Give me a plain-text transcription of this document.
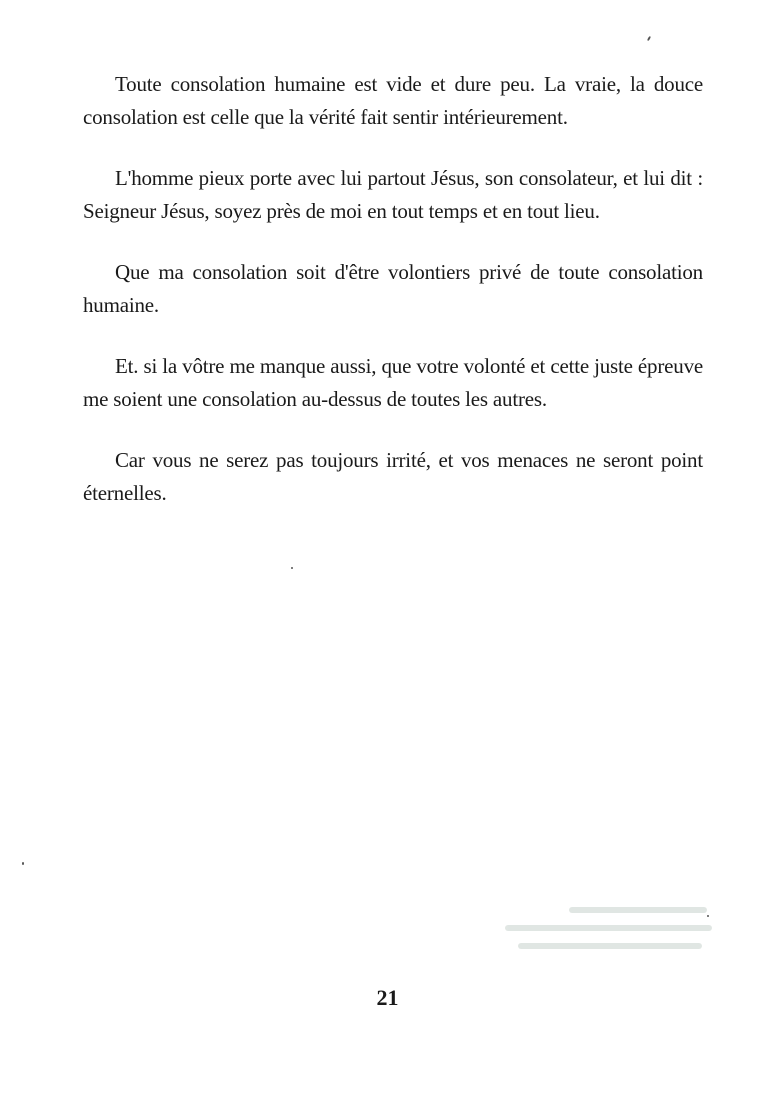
Toute consolation humaine est vide et dure peu. La vraie, la douce consolation est celle que la vérité fait sentir intérieurement.

L'homme pieux porte avec lui partout Jésus, son consolateur, et lui dit : Seigneur Jésus, soyez près de moi en tout temps et en tout lieu.

Que ma consolation soit d'être volontiers privé de toute consolation humaine.

Et. si la vôtre me manque aussi, que votre volonté et cette juste épreuve me soient une consolation au-dessus de toutes les autres.

Car vous ne serez pas toujours irrité, et vos menaces ne seront point éternelles.

21
